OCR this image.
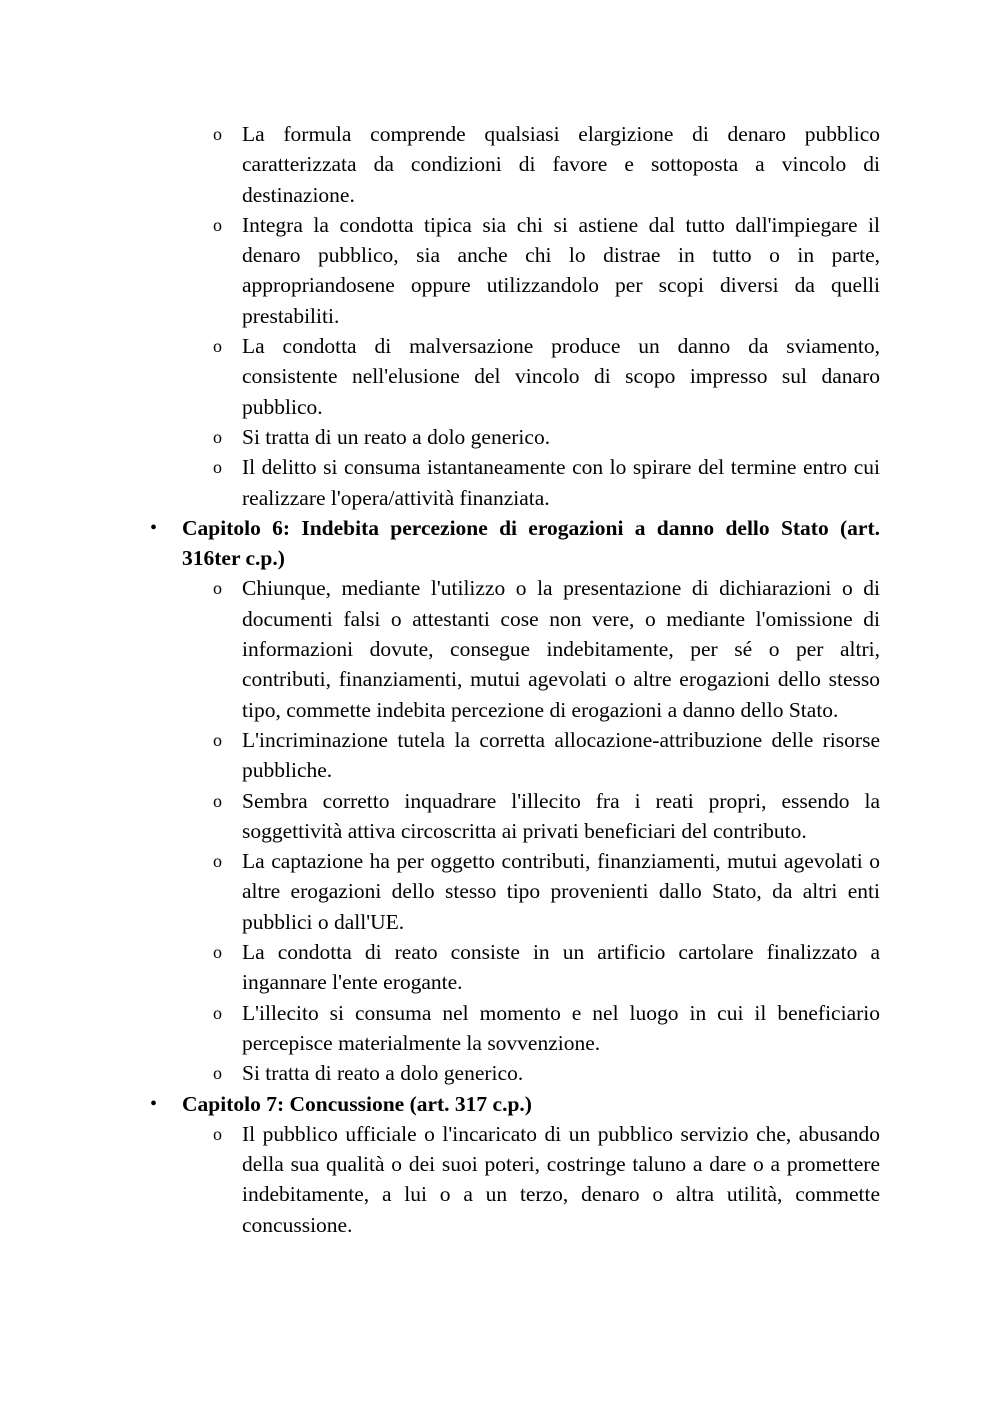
o La formula comprende qualsiasi elargizione di denaro pubblico caratterizzata da condizioni di favore e sottoposta a vincolo di destinazione.
o Integra la condotta tipica sia chi si astiene dal tutto dall'impiegare il denaro pubblico, sia anche chi lo distrae in tutto o in parte, appropriandosene oppure utilizzandolo per scopi diversi da quelli prestabiliti.
o La condotta di malversazione produce un danno da sviamento, consistente nell'elusione del vincolo di scopo impresso sul danaro pubblico.
o Si tratta di un reato a dolo generico.
o Il delitto si consuma istantaneamente con lo spirare del termine entro cui realizzare l'opera/attività finanziata.
• Capitolo 6: Indebita percezione di erogazioni a danno dello Stato (art. 316ter c.p.)
o Chiunque, mediante l'utilizzo o la presentazione di dichiarazioni o di documenti falsi o attestanti cose non vere, o mediante l'omissione di informazioni dovute, consegue indebitamente, per sé o per altri, contributi, finanziamenti, mutui agevolati o altre erogazioni dello stesso tipo, commette indebita percezione di erogazioni a danno dello Stato.
o L'incriminazione tutela la corretta allocazione-attribuzione delle risorse pubbliche.
o Sembra corretto inquadrare l'illecito fra i reati propri, essendo la soggettività attiva circoscritta ai privati beneficiari del contributo.
o La captazione ha per oggetto contributi, finanziamenti, mutui agevolati o altre erogazioni dello stesso tipo provenienti dallo Stato, da altri enti pubblici o dall'UE.
o La condotta di reato consiste in un artificio cartolare finalizzato a ingannare l'ente erogante.
o L'illecito si consuma nel momento e nel luogo in cui il beneficiario percepisce materialmente la sovvenzione.
o Si tratta di reato a dolo generico.
• Capitolo 7: Concussione (art. 317 c.p.)
o Il pubblico ufficiale o l'incaricato di un pubblico servizio che, abusando della sua qualità o dei suoi poteri, costringe taluno a dare o a promettere indebitamente, a lui o a un terzo, denaro o altra utilità, commette concussione.
